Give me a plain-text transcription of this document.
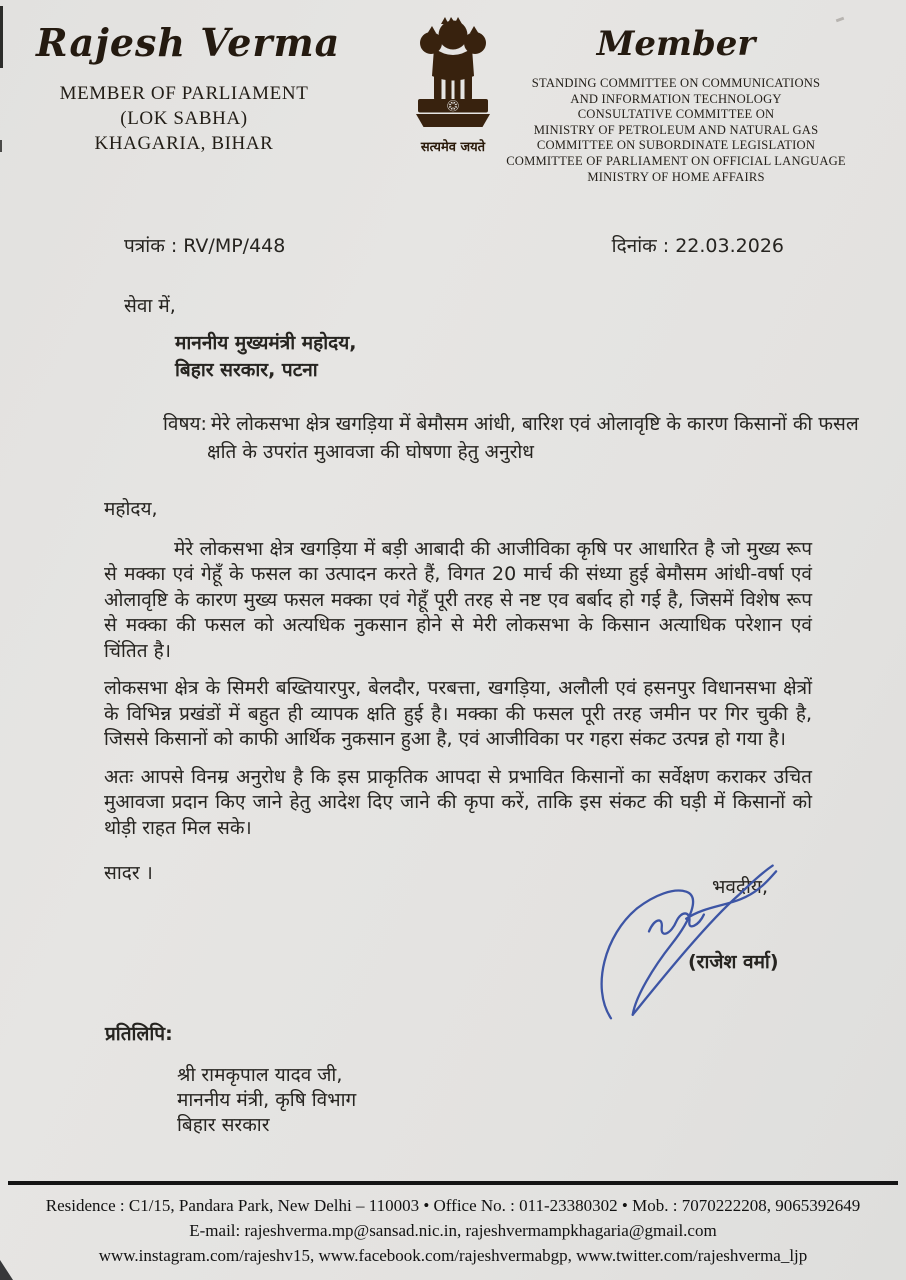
Rajesh Verma
MEMBER OF PARLIAMENT
(LOK SABHA)
KHAGARIA, BIHAR	सत्यमेव जयते
Member
STANDING COMMITTEE ON COMMUNICATIONS
AND INFORMATION TECHNOLOGY
CONSULTATIVE COMMITTEE ON
MINISTRY OF PETROLEUM AND NATURAL GAS
COMMITTEE ON SUBORDINATE LEGISLATION
COMMITTEE OF PARLIAMENT ON OFFICIAL LANGUAGE
MINISTRY OF HOME AFFAIRS
पत्रांक : RV/MP/448	दिनांक : 22.03.2026
सेवा में,
माननीय मुख्यमंत्री महोदय,
बिहार सरकार, पटना
विषय: मेरे लोकसभा क्षेत्र खगड़िया में बेमौसम आंधी, बारिश एवं ओलावृष्टि के कारण किसानों की फसल क्षति के उपरांत मुआवजा की घोषणा हेतु अनुरोध

महोदय,

मेरे लोकसभा क्षेत्र खगड़िया में बड़ी आबादी की आजीविका कृषि पर आधारित है जो मुख्य रूप से मक्का एवं गेहूँ के फसल का उत्पादन करते हैं, विगत 20 मार्च की संध्या हुई बेमौसम आंधी-वर्षा एवं ओलावृष्टि के कारण मुख्य फसल मक्का एवं गेहूँ पूरी तरह से नष्ट एव बर्बाद हो गई है, जिसमें विशेष रूप से मक्का की फसल को अत्यधिक नुकसान होने से मेरी लोकसभा के किसान अत्याधिक परेशान एवं चिंतित है।

लोकसभा क्षेत्र के सिमरी बख्तियारपुर, बेलदौर, परबत्ता, खगड़िया, अलौली एवं हसनपुर विधानसभा क्षेत्रों के विभिन्न प्रखंडों में बहुत ही व्यापक क्षति हुई है। मक्का की फसल पूरी तरह जमीन पर गिर चुकी है, जिससे किसानों को काफी आर्थिक नुकसान हुआ है, एवं आजीविका पर गहरा संकट उत्पन्न हो गया है।

अतः आपसे विनम्र अनुरोध है कि इस प्राकृतिक आपदा से प्रभावित किसानों का सर्वेक्षण कराकर उचित मुआवजा प्रदान किए जाने हेतु आदेश दिए जाने की कृपा करें, ताकि इस संकट की घड़ी में किसानों को थोड़ी राहत मिल सके।

सादर ।

भवदीय,
(राजेश वर्मा)
प्रतिलिपि:
श्री रामकृपाल यादव जी,
माननीय मंत्री, कृषि विभाग
बिहार सरकार
Residence : C1/15, Pandara Park, New Delhi – 110003 • Office No. : 011-23380302 • Mob. : 7070222208, 9065392649
E-mail: rajeshverma.mp@sansad.nic.in, rajeshvermampkhagaria@gmail.com
www.instagram.com/rajeshv15, www.facebook.com/rajeshvermabgp, www.twitter.com/rajeshverma_ljp
